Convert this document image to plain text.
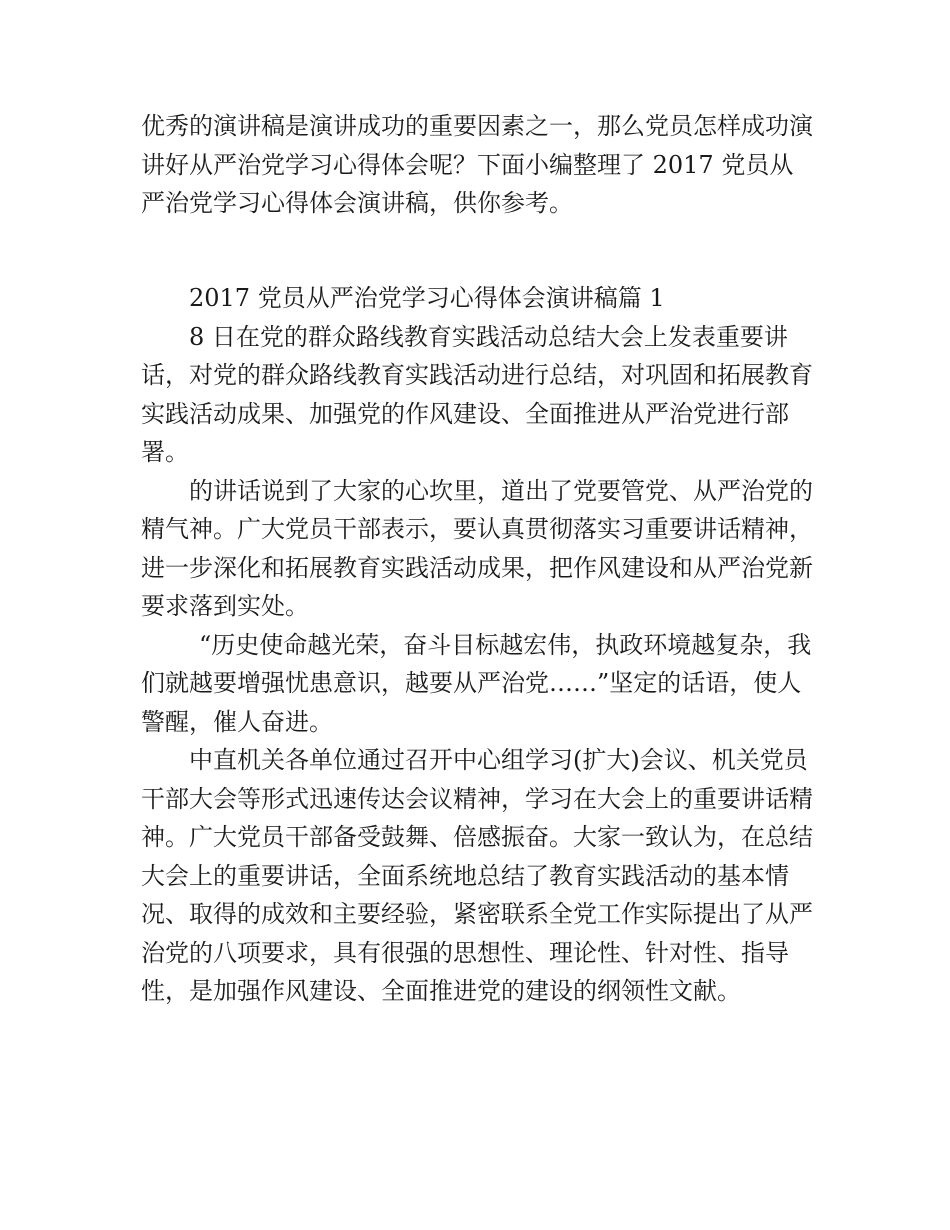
优秀的演讲稿是演讲成功的重要因素之一，那么党员怎样成功演讲好从严治党学习心得体会呢？下面小编整理了 2017 党员从严治党学习心得体会演讲稿，供你参考。

2017 党员从严治党学习心得体会演讲稿篇 1

8 日在党的群众路线教育实践活动总结大会上发表重要讲话，对党的群众路线教育实践活动进行总结，对巩固和拓展教育实践活动成果、加强党的作风建设、全面推进从严治党进行部署。

的讲话说到了大家的心坎里，道出了党要管党、从严治党的精气神。广大党员干部表示，要认真贯彻落实习重要讲话精神，进一步深化和拓展教育实践活动成果，把作风建设和从严治党新要求落到实处。

“历史使命越光荣，奋斗目标越宏伟，执政环境越复杂，我们就越要增强忧患意识，越要从严治党……”坚定的话语，使人警醒，催人奋进。

中直机关各单位通过召开中心组学习(扩大)会议、机关党员干部大会等形式迅速传达会议精神，学习在大会上的重要讲话精神。广大党员干部备受鼓舞、倍感振奋。大家一致认为，在总结大会上的重要讲话，全面系统地总结了教育实践活动的基本情况、取得的成效和主要经验，紧密联系全党工作实际提出了从严治党的八项要求，具有很强的思想性、理论性、针对性、指导性，是加强作风建设、全面推进党的建设的纲领性文献。
